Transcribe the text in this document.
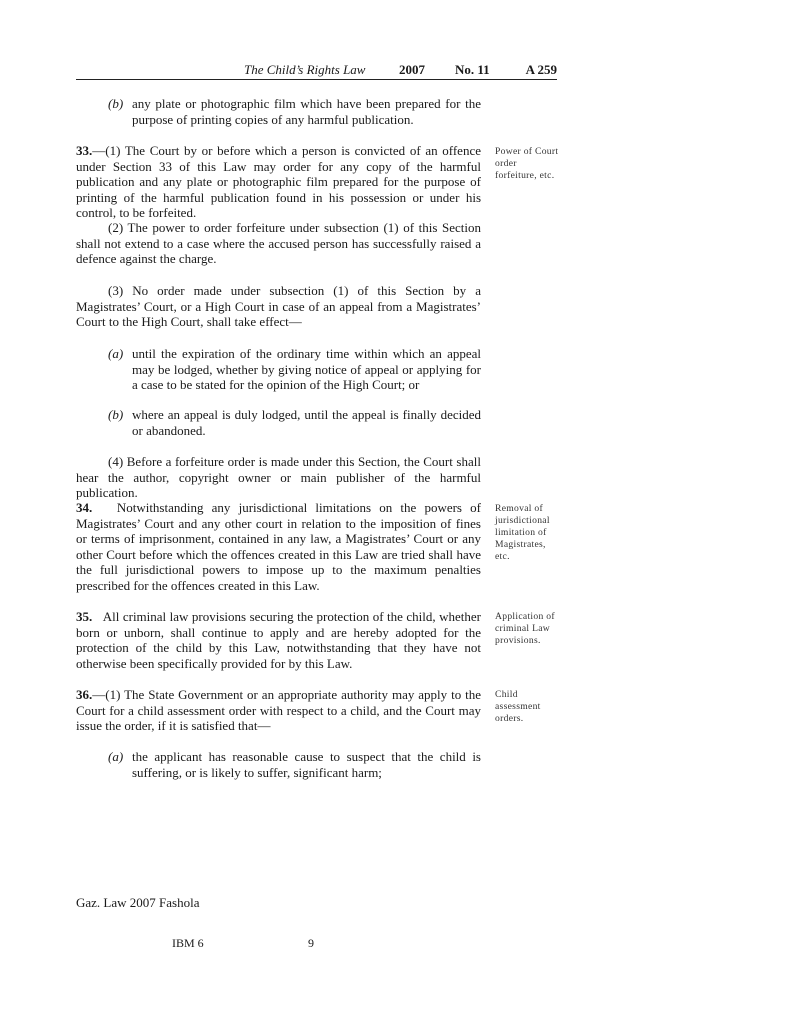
The Child’s Rights Law	2007 No. 11	A 259
(b) any plate or photographic film which have been prepared for the purpose of printing copies of any harmful publication.
33.—(1) The Court by or before which a person is convicted of an offence under Section 33 of this Law may order for any copy of the harmful publication and any plate or photographic film prepared for the purpose of printing of the harmful publication found in his possession or under his control, to be forfeited.
Power of Court order forfeiture, etc.
(2) The power to order forfeiture under subsection (1) of this Section shall not extend to a case where the accused person has successfully raised a defence against the charge.
(3) No order made under subsection (1) of this Section by a Magistrates’ Court, or a High Court in case of an appeal from a Magistrates’ Court to the High Court, shall take effect—
(a) until the expiration of the ordinary time within which an appeal may be lodged, whether by giving notice of appeal or applying for a case to be stated for the opinion of the High Court; or
(b) where an appeal is duly lodged, until the appeal is finally decided or abandoned.
(4) Before a forfeiture order is made under this Section, the Court shall hear the author, copyright owner or main publisher of the harmful publication.
34. Notwithstanding any jurisdictional limitations on the powers of Magistrates’ Court and any other court in relation to the imposition of fines or terms of imprisonment, contained in any law, a Magistrates’ Court or any other Court before which the offences created in this Law are tried shall have the full jurisdictional powers to impose up to the maximum penalties prescribed for the offences created in this Law.
Removal of jurisdictional limitation of Magistrates, etc.
35. All criminal law provisions securing the protection of the child, whether born or unborn, shall continue to apply and are hereby adopted for the protection of the child by this Law, notwithstanding that they have not otherwise been specifically provided for by this Law.
Application of criminal Law provisions.
36.—(1) The State Government or an appropriate authority may apply to the Court for a child assessment order with respect to a child, and the Court may issue the order, if it is satisfied that—
Child assessment orders.
(a) the applicant has reasonable cause to suspect that the child is suffering, or is likely to suffer, significant harm;
Gaz. Law 2007 Fashola
IBM 6	9
